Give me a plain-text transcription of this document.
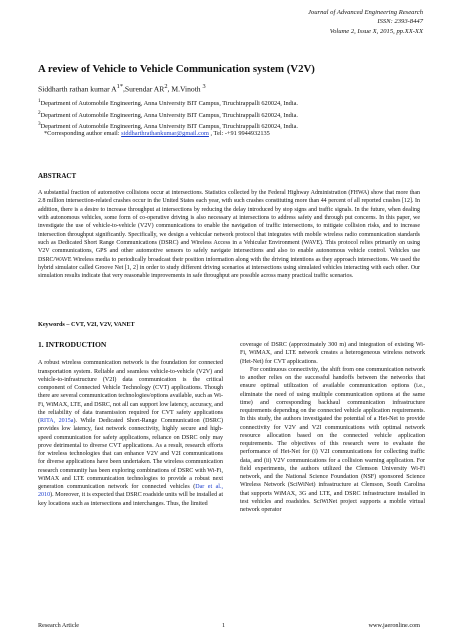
Journal of Advanced Engineering Research
ISSN: 2393-8447
Volume 2, Issue X, 2015, pp.XX-XX
A review of Vehicle to Vehicle Communication system (V2V)
Siddharth rathan kumar $A^{1*},Surendar$ $AR^2$, M.Vinoth $^3$
$^1$Department of Automobile Engineering, Anna University BIT Campus, Tiruchirappalli 620024, India.
$^2$Department of Automobile Engineering, Anna University BIT Campus, Tiruchirappalli 620024, India.
$^3$Department of Automobile Engineering, Anna University BIT Campus, Tiruchirappalli 620024, India.
*Corresponding author email: siddharthrathankumar@gmail.com , Tel: -+91 9944932135
ABSTRACT

A substantial fraction of automotive collisions occur at intersections. Statistics collected by the Federal Highway Administration (FHWA) show that more than 2.8 million intersection-related crashes occur in the United States each year, with such crashes constituting more than 44 percent of all reported crashes [12]. In addition, there is a desire to increase throughput at intersections by reducing the delay introduced by stop signs and traffic signals. In the future, when dealing with autonomous vehicles, some form of co-operative driving is also necessary at intersections to address safety and through put concerns. In this paper, we investigate the use of vehicle-to-vehicle (V2V) communications to enable the navigation of traffic intersections, to mitigate collision risks, and to increase intersection throughput significantly. Specifically, we design a vehicular network protocol that integrates with mobile wireless radio communication standards such as Dedicated Short Range Communications (DSRC) and Wireless Access in a Vehicular Environment (WAVE). This protocol relies primarily on using V2V communications, GPS and other automotive sensors to safely navigate intersections and also to enable autonomous vehicle control. Vehicles use DSRC/WAVE Wireless media to periodically broadcast their position information along with the driving intentions as they approach intersections. We used the hybrid simulator called Groove Net [1, 2] in order to study different driving scenarios at intersections using simulated vehicles interacting with each other. Our simulation results indicate that very reasonable improvements in safe throughput are possible across many practical traffic scenarios.

Keywords – CVT, V2I, V2V, VANET
1. INTRODUCTION

A robust wireless communication network is the foundation for connected transportation system. Reliable and seamless vehicle-to-vehicle (V2V) and vehicle-to-infrastructure (V2I) data communication is the critical component of Connected Vehicle Technology (CVT) applications. Though there are several communication technologies/options available, such as Wi-Fi, WiMAX, LTE, and DSRC, not all can support low latency, accuracy, and the reliability of data transmission required for CVT safety applications (RITA, 2015a). While Dedicated Short-Range Communication (DSRC) provides low latency, fast network connectivity, highly secure and high-speed communication for safety applications, reliance on DSRC only may prove detrimental to diverse CVT applications. As a result, research efforts for wireless technologies that can enhance V2V and V2I communications for diverse applications have been undertaken. The wireless communication research community has been exploring combinations of DSRC with Wi-Fi, WiMAX and LTE communication technologies to provide a robust next generation communication network for connected vehicles (Dar et al., 2010). Moreover, it is expected that DSRC roadside units will be installed at key locations such as intersections and interchanges. Thus, the limited

coverage of DSRC (approximately 300 m) and integration of existing Wi-Fi, WiMAX, and LTE network creates a heterogeneous wireless network (Het-Net) for CVT applications.

For continuous connectivity, the shift from one communication network to another relies on the successful handoffs between the networks that ensure optimal utilization of available communication options (i.e., eliminate the need of using multiple communication options at the same time) and corresponding backhaul communication infrastructure requirements depending on the connected vehicle application requirements. In this study, the authors investigated the potential of a Het-Net to provide connectivity for V2V and V2I communications with optimal network resource allocation based on the connected vehicle application requirements. The objectives of this research were to evaluate the performance of Het-Net for (i) V2I communications for collecting traffic data, and (ii) V2V communications for a collision warning application. For field experiments, the authors utilized the Clemson University Wi-Fi network, and the National Science Foundation (NSF) sponsored Science Wireless Network (SciWiNet) infrastructure at Clemson, South Carolina that supports WiMAX, 3G and LTE, and DSRC infrastructure installed in test vehicles and roadsides. SciWiNet project supports a mobile virtual network operator

Research Article	1	www.jaeronline.com
